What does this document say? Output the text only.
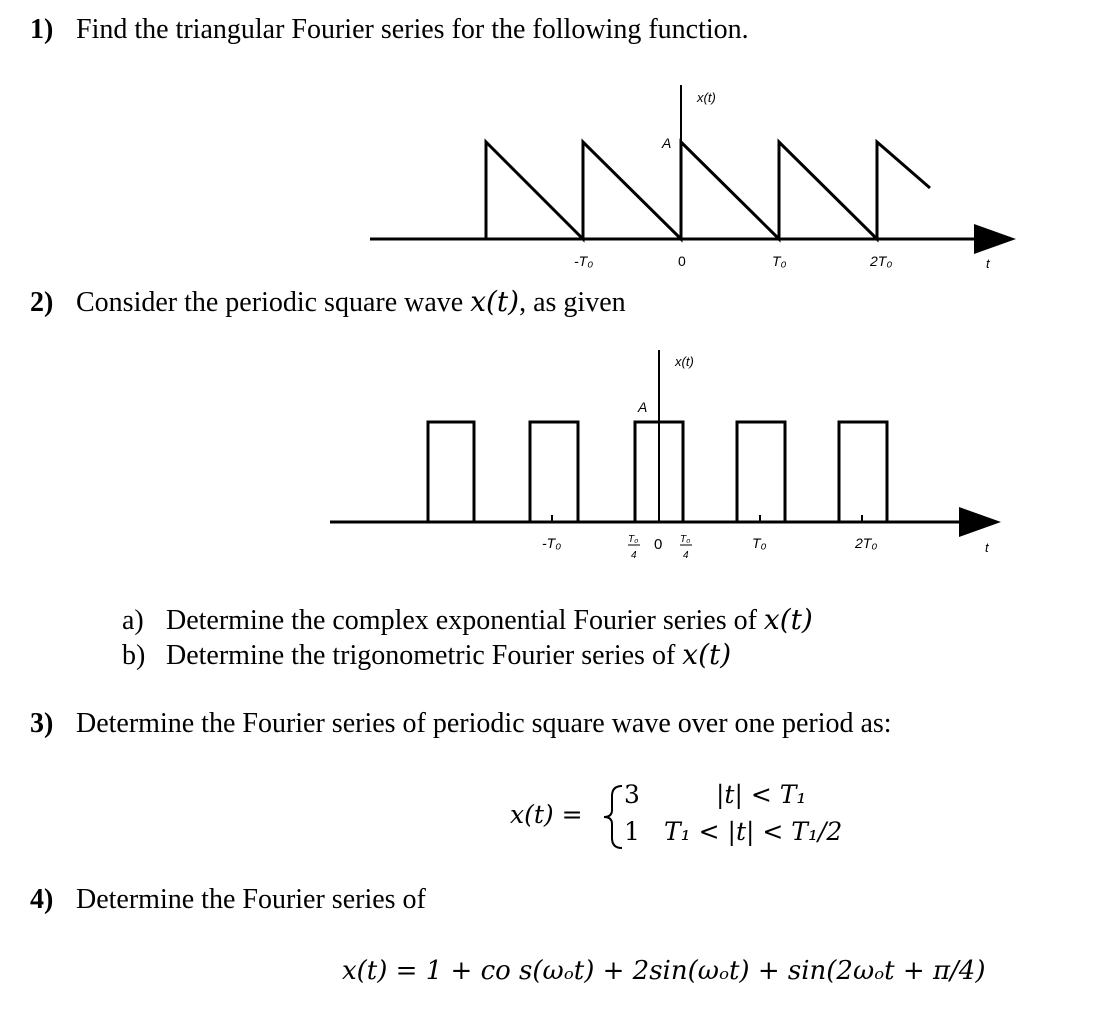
1) Find the triangular Fourier series for the following function.
x(t)
A
-T₀	0	T₀	2T₀	t
2) Consider the periodic square wave x(t), as given
x(t)
A
-T₀	T₀
4
0 T₀
4
T₀	2T₀	t
a) Determine the complex exponential Fourier series of x(t)
b) Determine the trigonometric Fourier series of x(t)
3) Determine the Fourier series of periodic square wave over one period as:
x(t) =
3	|t| < T₁
1 T₁ < |t| < T₁/2
4) Determine the Fourier series of
x(t) = 1 + co s(ωₒt) + 2sin(ωₒt) + sin(2ωₒt + π/4)
